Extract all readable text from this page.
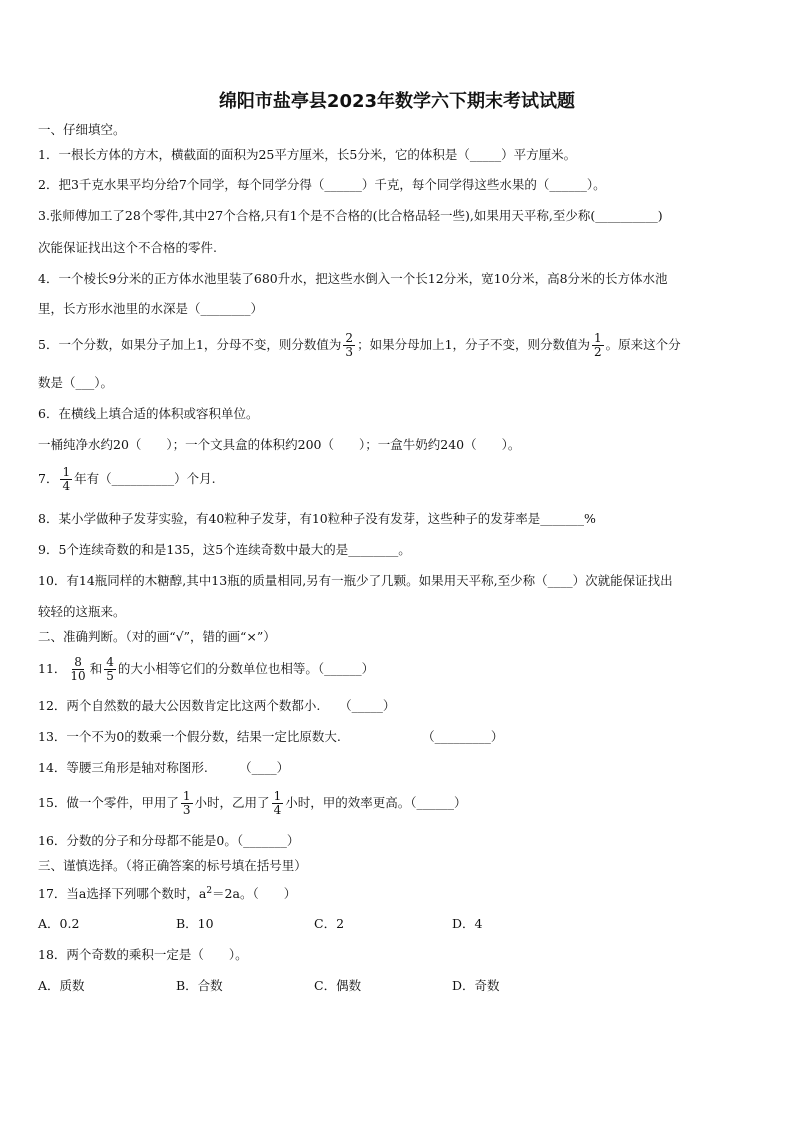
绵阳市盐亭县2023年数学六下期末考试试题
一、仔细填空。
1．一根长方体的方木，横截面的面积为25平方厘米，长5分米，它的体积是（_____）平方厘米。
2．把3千克水果平均分给7个同学，每个同学分得（______）千克，每个同学得这些水果的（______）。
3.张师傅加工了28个零件,其中27个合格,只有1个是不合格的(比合格品轻一些),如果用天平称,至少称(__________)
次能保证找出这个不合格的零件.
4．一个棱长9分米的正方体水池里装了680升水，把这些水倒入一个长12分米，宽10分米，高8分米的长方体水池
里，长方形水池里的水深是（________）
5．一个分数，如果分子加上1，分母不变，则分数值为 $\frac{2}{3}$ ；如果分母加上1，分子不变，则分数值为 $\frac{1}{2}$ 。原来这个分
数是（___）。
6．在横线上填合适的体积或容积单位。
一桶纯净水约20（　　）；一个文具盒的体积约200（　　）；一盒牛奶约240（　　）。
7． $\frac{1}{4}$ 年有（__________）个月.
8．某小学做种子发芽实验，有40粒种子发芽，有10粒种子没有发芽，这些种子的发芽率是_______%
9．5个连续奇数的和是135，这5个连续奇数中最大的是________。
10．有14瓶同样的木糖醇,其中13瓶的质量相同,另有一瓶少了几颗。如果用天平称,至少称（____）次就能保证找出
较轻的这瓶来。
二、准确判断。（对的画“√”，错的画“×”）
11． $\frac{8}{10}$ 和 $\frac{4}{5}$ 的大小相等它们的分数单位也相等。（______）
12．两个自然数的最大公因数肯定比这两个数都小.　　（_____）
13．一个不为0的数乘一个假分数，结果一定比原数大.　　　　　　　（_________）
14．等腰三角形是轴对称图形.　　　（____）
15．做一个零件，甲用了 $\frac{1}{3}$ 小时，乙用了 $\frac{1}{4}$ 小时，甲的效率更高。（______）
16．分数的分子和分母都不能是0。（_______）
三、谨慎选择。（将正确答案的标号填在括号里）
17．当a选择下列哪个数时，$a^2=2a$。（　　）
A．0.2	B．10	C．2	D．4
18．两个奇数的乘积一定是（　　）。
A．质数	B．合数	C．偶数	D．奇数
